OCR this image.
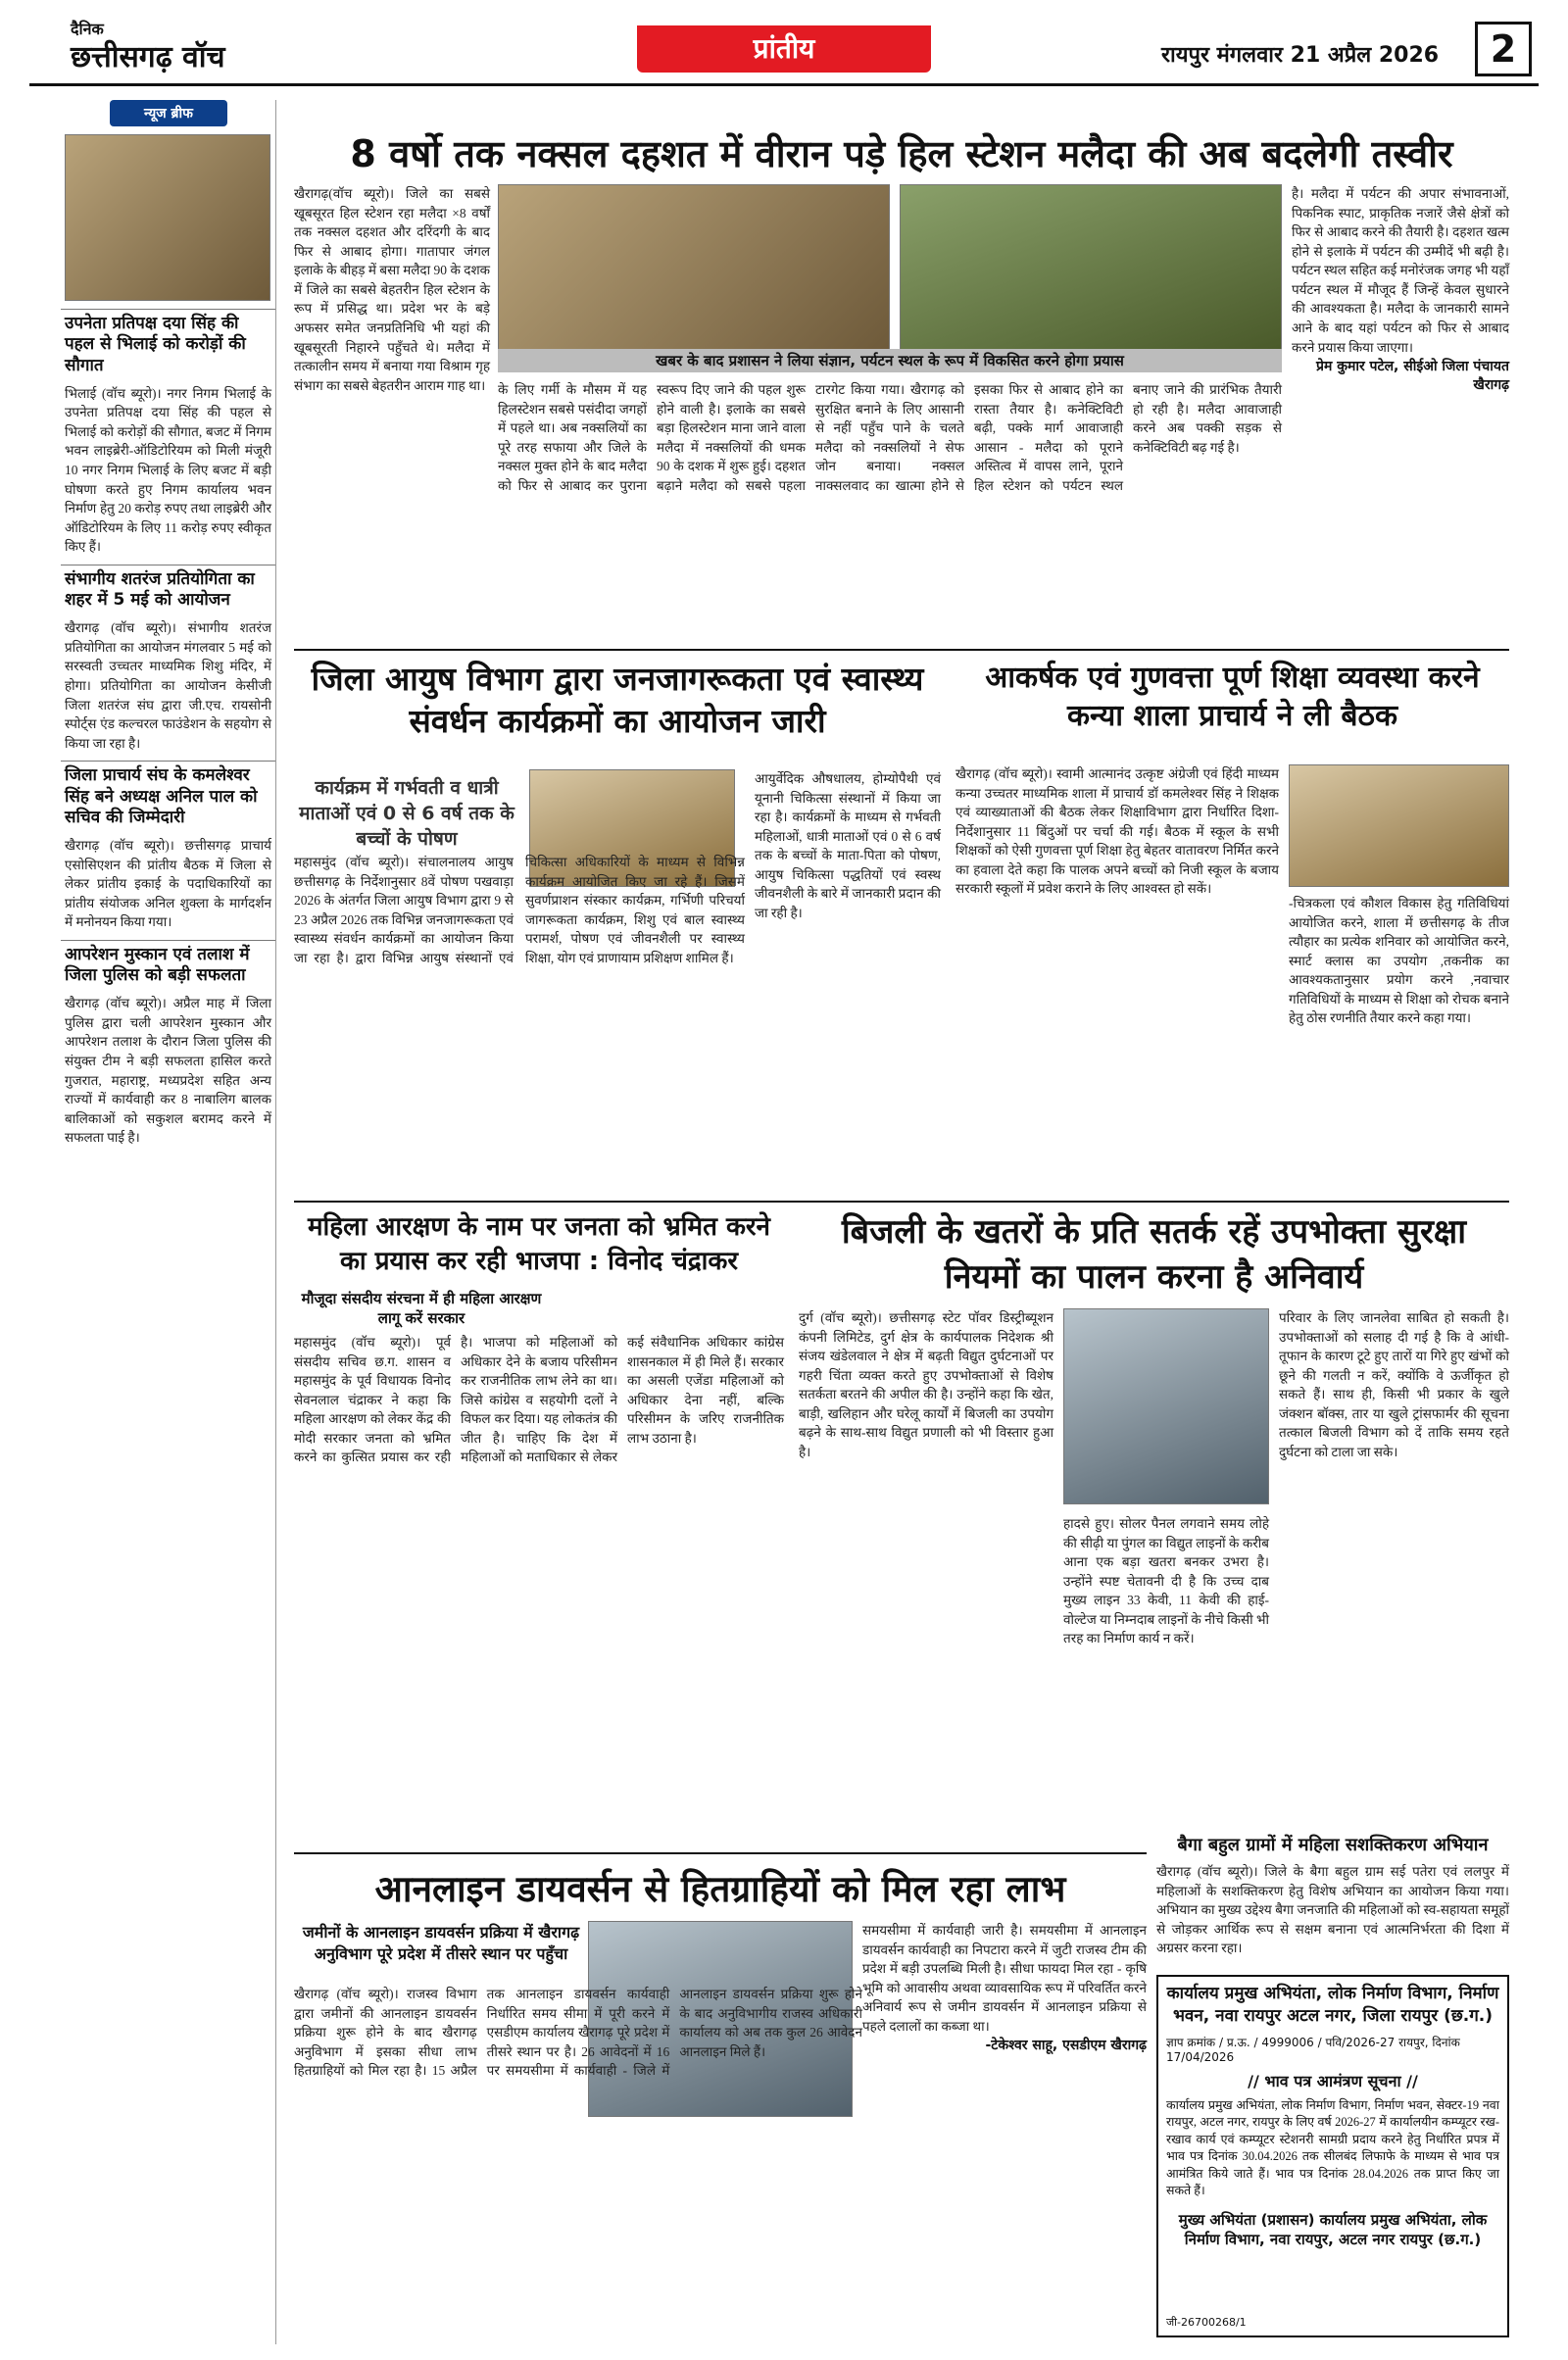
दैनिक
छत्तीसगढ़ वॉच	प्रांतीय	रायपुर मंगलवार 21 अप्रैल 2026	2
न्यूज ब्रीफ
उपनेता प्रतिपक्ष दया सिंह की पहल से भिलाई को करोड़ों की सौगात
भिलाई (वॉच ब्यूरो)। नगर निगम भिलाई के उपनेता प्रतिपक्ष दया सिंह की पहल से भिलाई को करोड़ों की सौगात, बजट में निगम भवन लाइब्रेरी-ऑडिटोरियम को मिली मंजूरी 10 नगर निगम भिलाई के लिए बजट में बड़ी घोषणा करते हुए निगम कार्यालय भवन निर्माण हेतु 20 करोड़ रुपए तथा लाइब्रेरी और ऑडिटोरियम के लिए 11 करोड़ रुपए स्वीकृत किए हैं।
संभागीय शतरंज प्रतियोगिता का शहर में 5 मई को आयोजन
खैरागढ़ (वॉच ब्यूरो)। संभागीय शतरंज प्रतियोगिता का आयोजन मंगलवार 5 मई को सरस्वती उच्चतर माध्यमिक शिशु मंदिर, में होगा। प्रतियोगिता का आयोजन केसीजी जिला शतरंज संघ द्वारा जी.एच. रायसोनी स्पोर्ट्स एंड कल्चरल फाउंडेशन के सहयोग से किया जा रहा है।
जिला प्राचार्य संघ के कमलेश्वर सिंह बने अध्यक्ष अनिल पाल को सचिव की जिम्मेदारी
खैरागढ़ (वॉच ब्यूरो)। छत्तीसगढ़ प्राचार्य एसोसिएशन की प्रांतीय बैठक में जिला से लेकर प्रांतीय इकाई के पदाधिकारियों का प्रांतीय संयोजक अनिल शुक्ला के मार्गदर्शन में मनोनयन किया गया।
आपरेशन मुस्कान एवं तलाश में जिला पुलिस को बड़ी सफलता
खैरागढ़ (वॉच ब्यूरो)। अप्रैल माह में जिला पुलिस द्वारा चली आपरेशन मुस्कान और आपरेशन तलाश के दौरान जिला पुलिस की संयुक्त टीम ने बड़ी सफलता हासिल करते गुजरात, महाराष्ट्र, मध्यप्रदेश सहित अन्य राज्यों में कार्यवाही कर 8 नाबालिग बालक बालिकाओं को सकुशल बरामद करने में सफलता पाई है।
8 वर्षो तक नक्सल दहशत में वीरान पड़े हिल स्टेशन मलैदा की अब बदलेगी तस्वीर
खैरागढ़(वॉच ब्यूरो)। जिले का सबसे खूबसूरत हिल स्टेशन रहा मलैदा ×8 वर्षों तक नक्सल दहशत और दरिंदगी के बाद फिर से आबाद होगा। गातापार जंगल इलाके के बीहड़ में बसा मलैदा 90 के दशक में जिले का सबसे बेहतरीन हिल स्टेशन के रूप में प्रसिद्ध था। प्रदेश भर के बड़े अफसर समेत जनप्रतिनिधि भी यहां की खूबसूरती निहारने पहुँचते थे। मलैदा में तत्कालीन समय में बनाया गया विश्राम गृह संभाग का सबसे बेहतरीन आराम गाह था।
खबर के बाद प्रशासन ने लिया संज्ञान, पर्यटन स्थल के रूप में विकसित करने होगा प्रयास
के लिए गर्मी के मौसम में यह हिलस्टेशन सबसे पसंदीदा जगहों में पहले था। अब नक्सलियों का पूरे तरह सफाया और जिले के नक्सल मुक्त होने के बाद मलैदा को फिर से आबाद कर पुराना स्वरूप दिए जाने की पहल शुरू होने वाली है। इलाके का सबसे बड़ा हिलस्टेशन माना जाने वाला मलैदा में नक्सलियों की धमक 90 के दशक में शुरू हुई। दहशत बढ़ाने मलैदा को सबसे पहला टारगेट किया गया। खैरागढ़ को सुरक्षित बनाने के लिए आसानी से नहीं पहुँच पाने के चलते मलैदा को नक्सलियों ने सेफ जोन बनाया। नक्सल नाक्सलवाद का खात्मा होने से इसका फिर से आबाद होने का रास्ता तैयार है। कनेक्टिविटी बढ़ी, पक्के मार्ग आवाजाही आसान - मलैदा को पूराने अस्तित्व में वापस लाने, पूराने हिल स्टेशन को पर्यटन स्थल बनाए जाने की प्रारंभिक तैयारी हो रही है। मलैदा आवाजाही करने अब पक्की सड़क से कनेक्टिविटी बढ़ गई है।
है। मलैदा में पर्यटन की अपार संभावनाओं, पिकनिक स्पाट, प्राकृतिक नजारें जैसे क्षेत्रों को फिर से आबाद करने की तैयारी है। दहशत खत्म होने से इलाके में पर्यटन की उम्मीदें भी बढ़ी है। पर्यटन स्थल सहित कई मनोरंजक जगह भी यहाँ पर्यटन स्थल में मौजूद हैं जिन्हें केवल सुधारने की आवश्यकता है। मलैदा के जानकारी सामने आने के बाद यहां पर्यटन को फिर से आबाद करने प्रयास किया जाएगा।
प्रेम कुमार पटेल, सीईओ जिला पंचायत खैरागढ़
जिला आयुष विभाग द्वारा जनजागरूकता एवं स्वास्थ्य संवर्धन कार्यक्रमों का आयोजन जारी
कार्यक्रम में गर्भवती व धात्री माताओं एवं 0 से 6 वर्ष तक के बच्चों के पोषण
महासमुंद (वॉच ब्यूरो)। संचालनालय आयुष छत्तीसगढ़ के निर्देशानुसार 8वें पोषण पखवाड़ा 2026 के अंतर्गत जिला आयुष विभाग द्वारा 9 से 23 अप्रैल 2026 तक विभिन्न जनजागरूकता एवं स्वास्थ्य संवर्धन कार्यक्रमों का आयोजन किया जा रहा है। द्वारा विभिन्न आयुष संस्थानों एवं चिकित्सा अधिकारियों के माध्यम से विभिन्न कार्यक्रम आयोजित किए जा रहे हैं। जिसमें सुवर्णप्राशन संस्कार कार्यक्रम, गर्भिणी परिचर्या जागरूकता कार्यक्रम, शिशु एवं बाल स्वास्थ्य परामर्श, पोषण एवं जीवनशैली पर स्वास्थ्य शिक्षा, योग एवं प्राणायाम प्रशिक्षण शामिल हैं।
आयुर्वेदिक औषधालय, होम्योपैथी एवं यूनानी चिकित्सा संस्थानों में किया जा रहा है। कार्यक्रमों के माध्यम से गर्भवती महिलाओं, धात्री माताओं एवं 0 से 6 वर्ष तक के बच्चों के माता-पिता को पोषण, आयुष चिकित्सा पद्धतियों एवं स्वस्थ जीवनशैली के बारे में जानकारी प्रदान की जा रही है।
आकर्षक एवं गुणवत्ता पूर्ण शिक्षा व्यवस्था करने कन्या शाला प्राचार्य ने ली बैठक
खैरागढ़ (वॉच ब्यूरो)। स्वामी आत्मानंद उत्कृष्ट अंग्रेजी एवं हिंदी माध्यम कन्या उच्चतर माध्यमिक शाला में प्राचार्य डॉ कमलेश्वर सिंह ने शिक्षक एवं व्याख्याताओं की बैठक लेकर शिक्षाविभाग द्वारा निर्धारित दिशा-निर्देशानुसार 11 बिंदुओं पर चर्चा की गई। बैठक में स्कूल के सभी शिक्षकों को ऐसी गुणवत्ता पूर्ण शिक्षा हेतु बेहतर वातावरण निर्मित करने का हवाला देते कहा कि पालक अपने बच्चों को निजी स्कूल के बजाय सरकारी स्कूलों में प्रवेश कराने के लिए आश्वस्त हो सकें।
-चित्रकला एवं कौशल विकास हेतु गतिविधियां आयोजित करने, शाला में छत्तीसगढ़ के तीज त्यौहार का प्रत्येक शनिवार को आयोजित करने, स्मार्ट क्लास का उपयोग ,तकनीक का आवश्यकतानुसार प्रयोग करने ,नवाचार गतिविधियों के माध्यम से शिक्षा को रोचक बनाने हेतु ठोस रणनीति तैयार करने कहा गया।
महिला आरक्षण के नाम पर जनता को भ्रमित करने का प्रयास कर रही भाजपा : विनोद चंद्राकर
मौजूदा संसदीय संरचना में ही महिला आरक्षण लागू करें सरकार
महासमुंद (वॉच ब्यूरो)। पूर्व संसदीय सचिव छ.ग. शासन व महासमुंद के पूर्व विधायक विनोद सेवनलाल चंद्राकर ने कहा कि महिला आरक्षण को लेकर केंद्र की मोदी सरकार जनता को भ्रमित करने का कुत्सित प्रयास कर रही है। भाजपा को महिलाओं को अधिकार देने के बजाय परिसीमन कर राजनीतिक लाभ लेने का था। जिसे कांग्रेस व सहयोगी दलों ने विफल कर दिया। यह लोकतंत्र की जीत है। चाहिए कि देश में महिलाओं को मताधिकार से लेकर कई संवैधानिक अधिकार कांग्रेस शासनकाल में ही मिले हैं। सरकार का असली एजेंडा महिलाओं को अधिकार देना नहीं, बल्कि परिसीमन के जरिए राजनीतिक लाभ उठाना है।
बिजली के खतरों के प्रति सतर्क रहें उपभोक्ता सुरक्षा नियमों का पालन करना है अनिवार्य
दुर्ग (वॉच ब्यूरो)। छत्तीसगढ़ स्टेट पॉवर डिस्ट्रीब्यूशन कंपनी लिमिटेड, दुर्ग क्षेत्र के कार्यपालक निदेशक श्री संजय खंडेलवाल ने क्षेत्र में बढ़ती विद्युत दुर्घटनाओं पर गहरी चिंता व्यक्त करते हुए उपभोक्ताओं से विशेष सतर्कता बरतने की अपील की है। उन्होंने कहा कि खेत, बाड़ी, खलिहान और घरेलू कार्यों में बिजली का उपयोग बढ़ने के साथ-साथ विद्युत प्रणाली को भी विस्तार हुआ है।
हादसे हुए। सोलर पैनल लगवाने समय लोहे की सीढ़ी या पुंगल का विद्युत लाइनों के करीब आना एक बड़ा खतरा बनकर उभरा है। उन्होंने स्पष्ट चेतावनी दी है कि उच्च दाब मुख्य लाइन 33 केवी, 11 केवी की हाई-वोल्टेज या निम्नदाब लाइनों के नीचे किसी भी तरह का निर्माण कार्य न करें।
परिवार के लिए जानलेवा साबित हो सकती है। उपभोक्ताओं को सलाह दी गई है कि वे आंधी-तूफान के कारण टूटे हुए तारों या गिरे हुए खंभों को छूने की गलती न करें, क्योंकि वे ऊर्जीकृत हो सकते हैं। साथ ही, किसी भी प्रकार के खुले जंक्शन बॉक्स, तार या खुले ट्रांसफार्मर की सूचना तत्काल बिजली विभाग को दें ताकि समय रहते दुर्घटना को टाला जा सके।
आनलाइन डायवर्सन से हितग्राहियों को मिल रहा लाभ
जमीनों के आनलाइन डायवर्सन प्रक्रिया में खैरागढ़ अनुविभाग पूरे प्रदेश में तीसरे स्थान पर पहुँचा
खैरागढ़ (वॉच ब्यूरो)। राजस्व विभाग द्वारा जमीनों की आनलाइन डायवर्सन प्रक्रिया शुरू होने के बाद खैरागढ़ अनुविभाग में इसका सीधा लाभ हितग्राहियों को मिल रहा है। 15 अप्रैल तक आनलाइन डायवर्सन कार्यवाही निर्धारित समय सीमा में पूरी करने में एसडीएम कार्यालय खैरागढ़ पूरे प्रदेश में तीसरे स्थान पर है। 26 आवेदनों में 16 पर समयसीमा में कार्यवाही - जिले में आनलाइन डायवर्सन प्रक्रिया शुरू होने के बाद अनुविभागीय राजस्व अधिकारी कार्यालय को अब तक कुल 26 आवेदन आनलाइन मिले हैं।
समयसीमा में कार्यवाही जारी है। समयसीमा में आनलाइन डायवर्सन कार्यवाही का निपटारा करने में जुटी राजस्व टीम की प्रदेश में बड़ी उपलब्धि मिली है। सीधा फायदा मिल रहा - कृषि भूमि को आवासीय अथवा व्यावसायिक रूप में परिवर्तित करने अनिवार्य रूप से जमीन डायवर्सन में आनलाइन प्रक्रिया से पहले दलालों का कब्जा था।
-टेकेश्वर साहू, एसडीएम खैरागढ़
बैगा बहुल ग्रामों में महिला सशक्तिकरण अभियान
खैरागढ़ (वॉच ब्यूरो)। जिले के बैगा बहुल ग्राम सई पतेरा एवं ललपुर में महिलाओं के सशक्तिकरण हेतु विशेष अभियान का आयोजन किया गया। अभियान का मुख्य उद्देश्य बैगा जनजाति की महिलाओं को स्व-सहायता समूहों से जोड़कर आर्थिक रूप से सक्षम बनाना एवं आत्मनिर्भरता की दिशा में अग्रसर करना रहा।
कार्यालय प्रमुख अभियंता, लोक निर्माण विभाग, निर्माण भवन, नवा रायपुर अटल नगर, जिला रायपुर (छ.ग.)
ज्ञाप क्रमांक / प्र.ऊ. / 4999006 / पवि/2026-27 रायपुर, दिनांक 17/04/2026
// भाव पत्र आमंत्रण सूचना //
कार्यालय प्रमुख अभियंता, लोक निर्माण विभाग, निर्माण भवन, सेक्टर-19 नवा रायपुर, अटल नगर, रायपुर के लिए वर्ष 2026-27 में कार्यालयीन कम्प्यूटर रख-रखाव कार्य एवं कम्प्यूटर स्टेशनरी सामग्री प्रदाय करने हेतु निर्धारित प्रपत्र में भाव पत्र दिनांक 30.04.2026 तक सीलबंद लिफाफे के माध्यम से भाव पत्र आमंत्रित किये जाते हैं। भाव पत्र दिनांक 28.04.2026 तक प्राप्त किए जा सकते हैं।
मुख्य अभियंता (प्रशासन) कार्यालय प्रमुख अभियंता, लोक निर्माण विभाग, नवा रायपुर, अटल नगर रायपुर (छ.ग.)
जी-26700268/1
